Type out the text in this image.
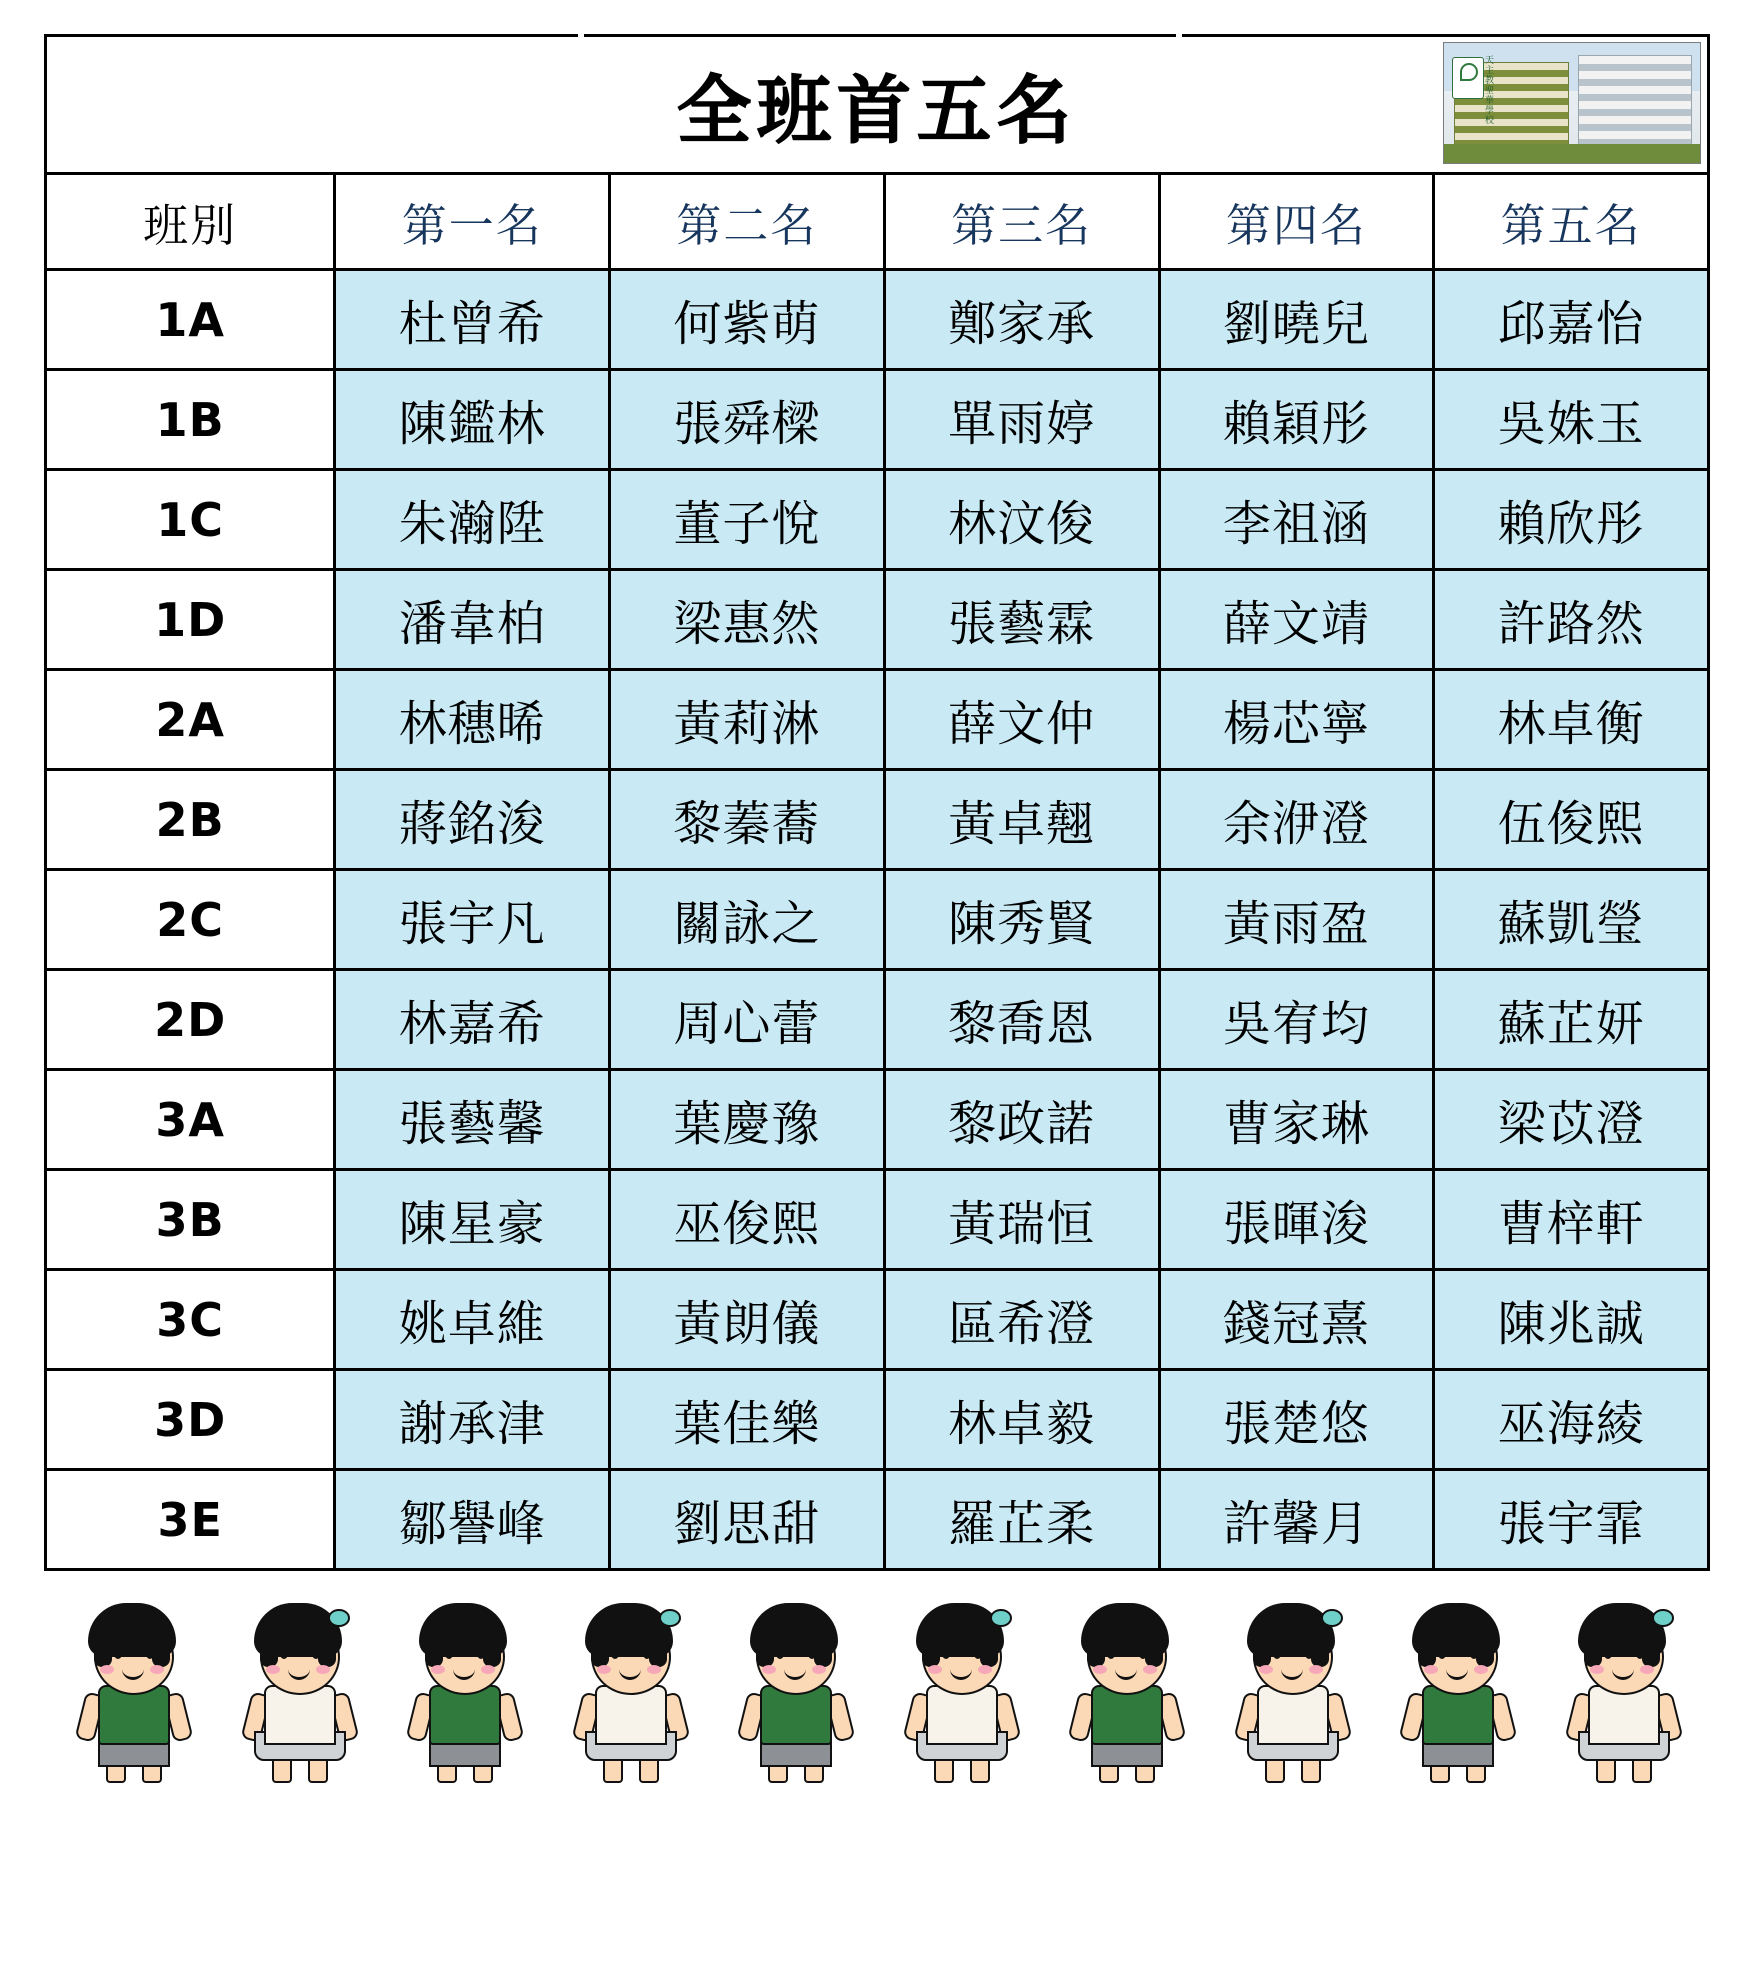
全班首五名	天主教聖華學校
班別	第一名	第二名	第三名	第四名	第五名
1A	杜曾希	何紫萌	鄭家承	劉曉兒	邱嘉怡
1B	陳鑑林	張舜樑	單雨婷	賴穎彤	吳姝玉
1C	朱瀚陞	董子悅	林汶俊	李祖涵	賴欣彤
1D	潘韋柏	梁惠然	張藝霖	薛文靖	許路然
2A	林穗晞	黃莉淋	薛文仲	楊芯寧	林卓衡
2B	蔣銘浚	黎蓁蕎	黃卓翹	余洢澄	伍俊熙
2C	張宇凡	關詠之	陳秀賢	黃雨盈	蘇凱瑩
2D	林嘉希	周心蕾	黎喬恩	吳宥均	蘇芷妍
3A	張藝馨	葉慶豫	黎政諾	曹家琳	梁苡澄
3B	陳星豪	巫俊熙	黃瑞恒	張暉浚	曹梓軒
3C	姚卓維	黃朗儀	區希澄	錢冠熹	陳兆誠
3D	謝承津	葉佳樂	林卓毅	張楚悠	巫海綾
3E	鄒譽峰	劉思甜	羅芷柔	許馨月	張宇霏
